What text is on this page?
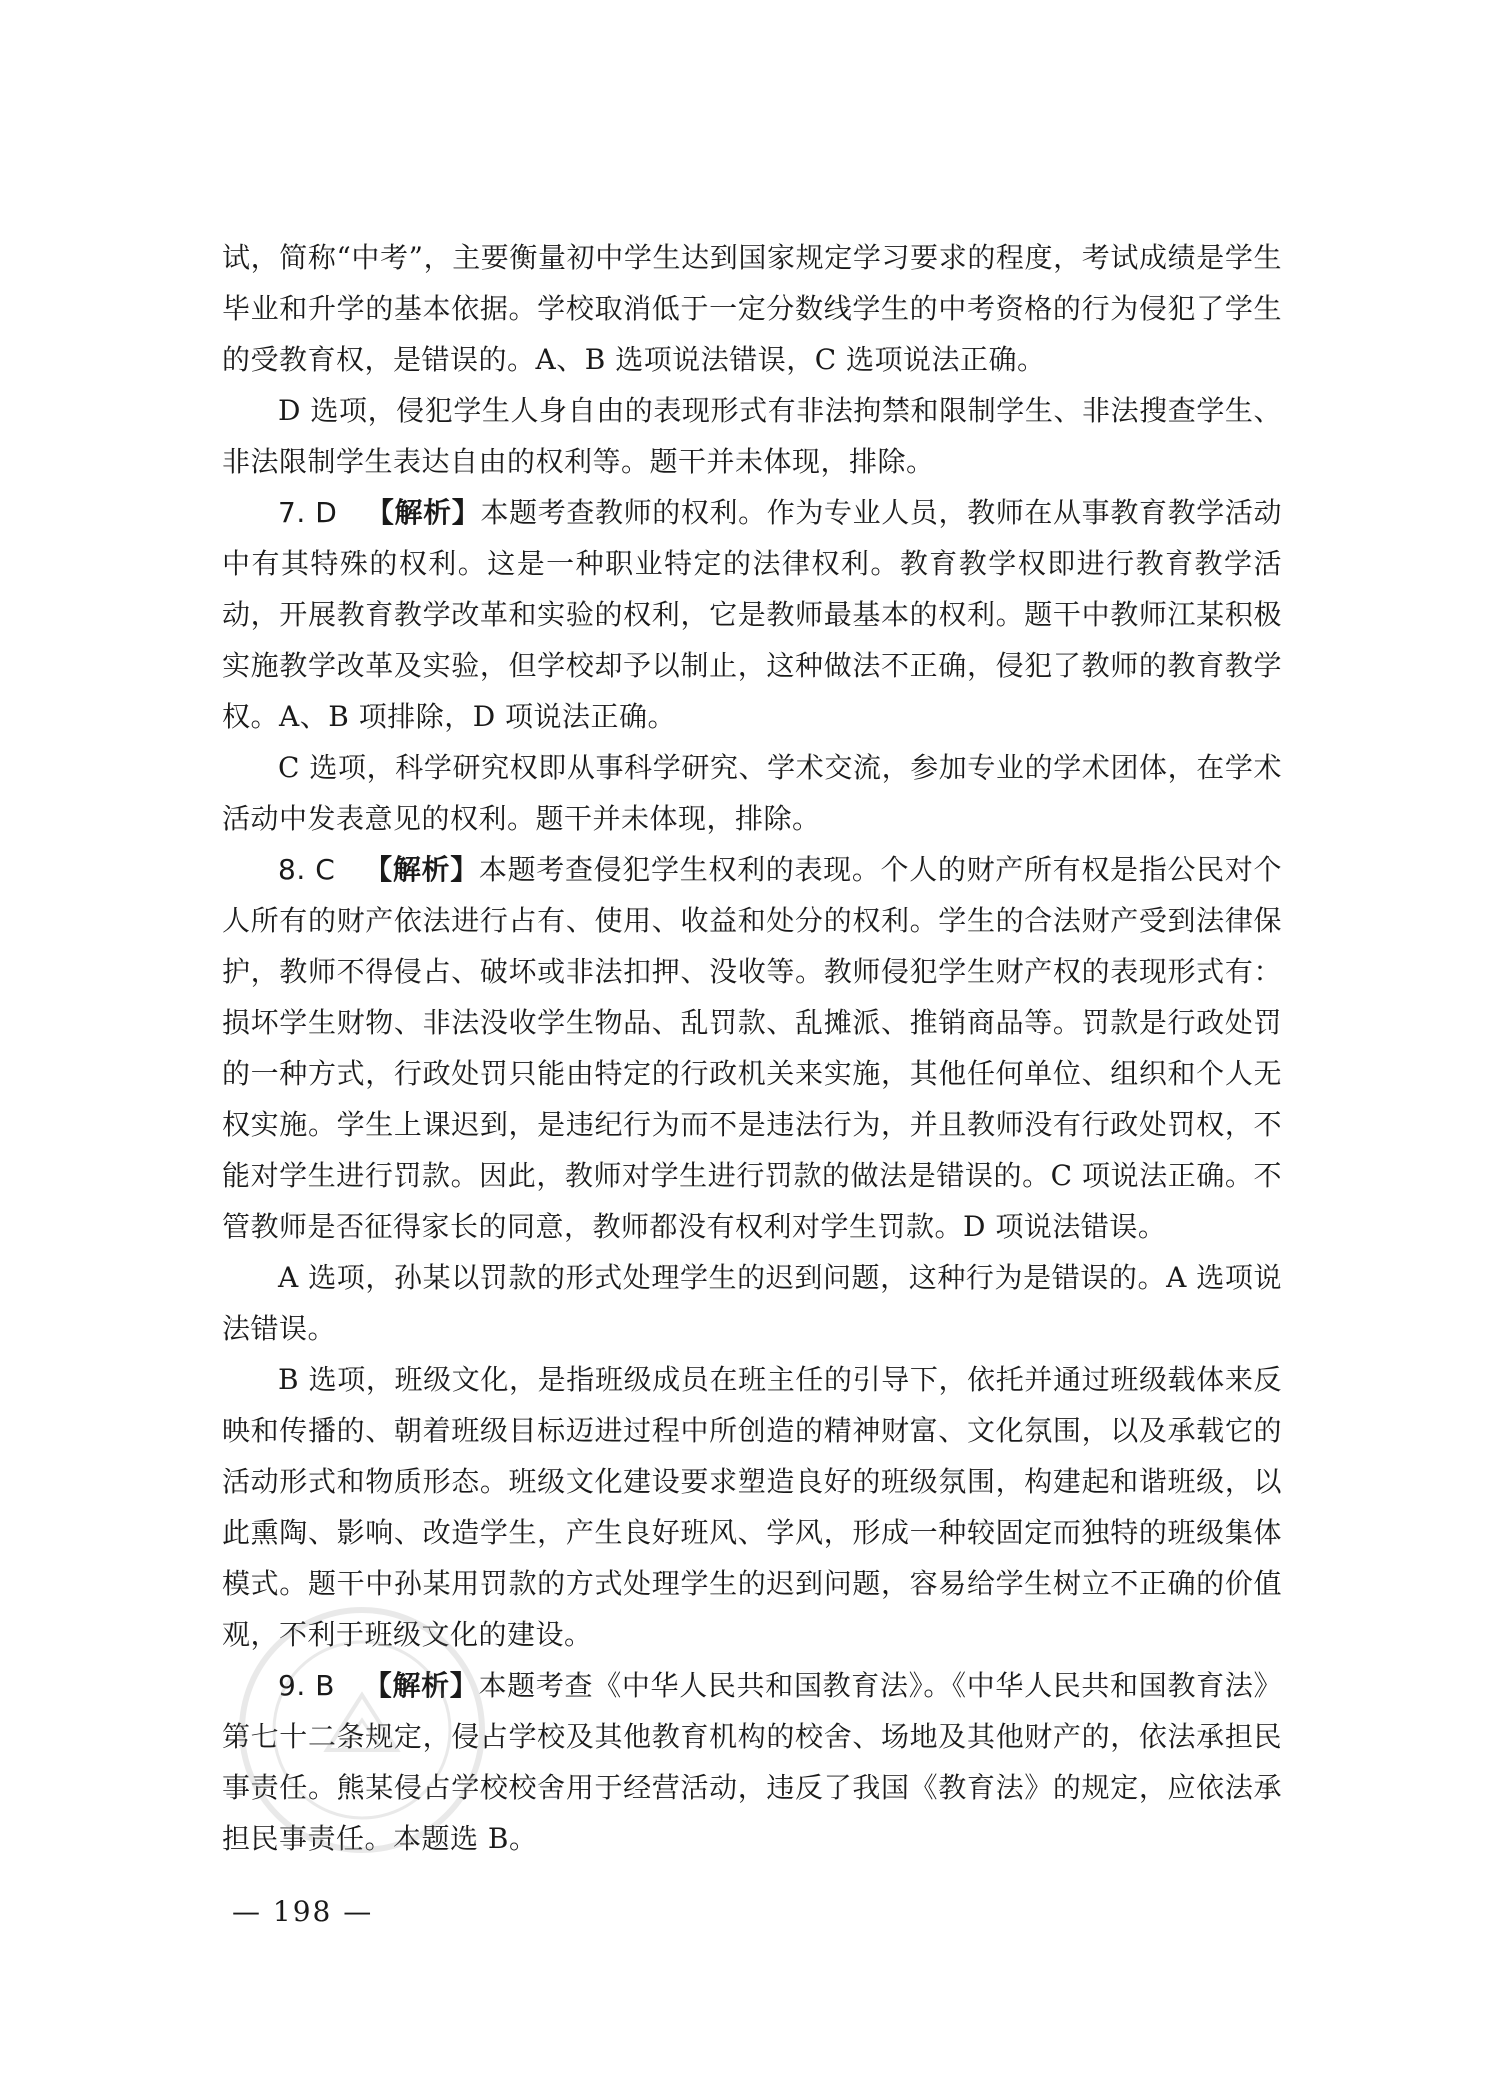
试，简称“中考”，主要衡量初中学生达到国家规定学习要求的程度，考试成绩是学生毕业和升学的基本依据。学校取消低于一定分数线学生的中考资格的行为侵犯了学生的受教育权，是错误的。A、B 选项说法错误，C 选项说法正确。

D 选项，侵犯学生人身自由的表现形式有非法拘禁和限制学生、非法搜查学生、非法限制学生表达自由的权利等。题干并未体现，排除。

7. D 【解析】本题考查教师的权利。作为专业人员，教师在从事教育教学活动中有其特殊的权利。这是一种职业特定的法律权利。教育教学权即进行教育教学活动，开展教育教学改革和实验的权利，它是教师最基本的权利。题干中教师江某积极实施教学改革及实验，但学校却予以制止，这种做法不正确，侵犯了教师的教育教学权。A、B 项排除，D 项说法正确。

C 选项，科学研究权即从事科学研究、学术交流，参加专业的学术团体，在学术活动中发表意见的权利。题干并未体现，排除。

8. C 【解析】本题考查侵犯学生权利的表现。个人的财产所有权是指公民对个人所有的财产依法进行占有、使用、收益和处分的权利。学生的合法财产受到法律保护，教师不得侵占、破坏或非法扣押、没收等。教师侵犯学生财产权的表现形式有：损坏学生财物、非法没收学生物品、乱罚款、乱摊派、推销商品等。罚款是行政处罚的一种方式，行政处罚只能由特定的行政机关来实施，其他任何单位、组织和个人无权实施。学生上课迟到，是违纪行为而不是违法行为，并且教师没有行政处罚权，不能对学生进行罚款。因此，教师对学生进行罚款的做法是错误的。C 项说法正确。不管教师是否征得家长的同意，教师都没有权利对学生罚款。D 项说法错误。

A 选项，孙某以罚款的形式处理学生的迟到问题，这种行为是错误的。A 选项说法错误。

B 选项，班级文化，是指班级成员在班主任的引导下，依托并通过班级载体来反映和传播的、朝着班级目标迈进过程中所创造的精神财富、文化氛围，以及承载它的活动形式和物质形态。班级文化建设要求塑造良好的班级氛围，构建起和谐班级，以此熏陶、影响、改造学生，产生良好班风、学风，形成一种较固定而独特的班级集体模式。题干中孙某用罚款的方式处理学生的迟到问题，容易给学生树立不正确的价值观，不利于班级文化的建设。

9. B 【解析】本题考查《中华人民共和国教育法》。《中华人民共和国教育法》第七十二条规定，侵占学校及其他教育机构的校舍、场地及其他财产的，依法承担民事责任。熊某侵占学校校舍用于经营活动，违反了我国《教育法》的规定，应依法承担民事责任。本题选 B。

— 198 —
